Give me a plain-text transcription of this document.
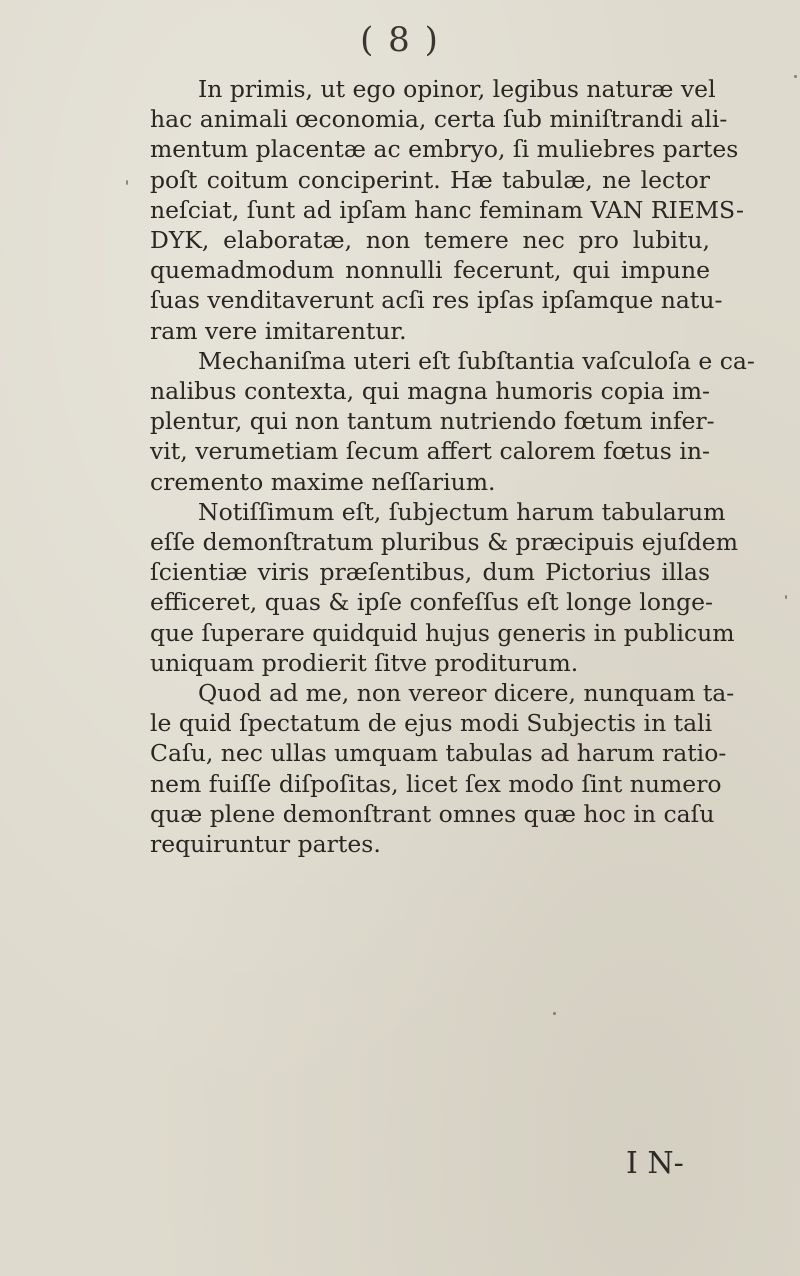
( 8 )
In primis, ut ego opinor, legibus naturæ vel
hac animali œconomia, certa ſub miniſtrandi ali-
mentum placentæ ac embryo, ſi muliebres partes
poſt coitum conciperint. Hæ tabulæ, ne lector
neſciat, ſunt ad ipſam hanc feminam VAN RIEMS-
DYK, elaboratæ, non temere nec pro lubitu,
quemadmodum nonnulli fecerunt, qui impune
ſuas venditaverunt acſi res ipſas ipſamque natu-
ram vere imitarentur.
Mechaniſma uteri eſt ſubſtantia vaſculoſa e ca-
nalibus contexta, qui magna humoris copia im-
plentur, qui non tantum nutriendo fœtum infer-
vit, verumetiam ſecum affert calorem fœtus in-
cremento maxime neſſarium.
Notiſſimum eſt, ſubjectum harum tabularum
eſſe demonſtratum pluribus & præcipuis ejuſdem
ſcientiæ viris præſentibus, dum Pictorius illas
efficeret, quas & ipſe confeſſus eſt longe longe-
que ſuperare quidquid hujus generis in publicum
uniquam prodierit ſitve proditurum.
Quod ad me, non vereor dicere, nunquam ta-
le quid ſpectatum de ejus modi Subjectis in tali
Caſu, nec ullas umquam tabulas ad harum ratio-
nem fuiſſe diſpoſitas, licet ſex modo ſint numero
quæ plene demonſtrant omnes quæ hoc in caſu
requiruntur partes.
I N-
